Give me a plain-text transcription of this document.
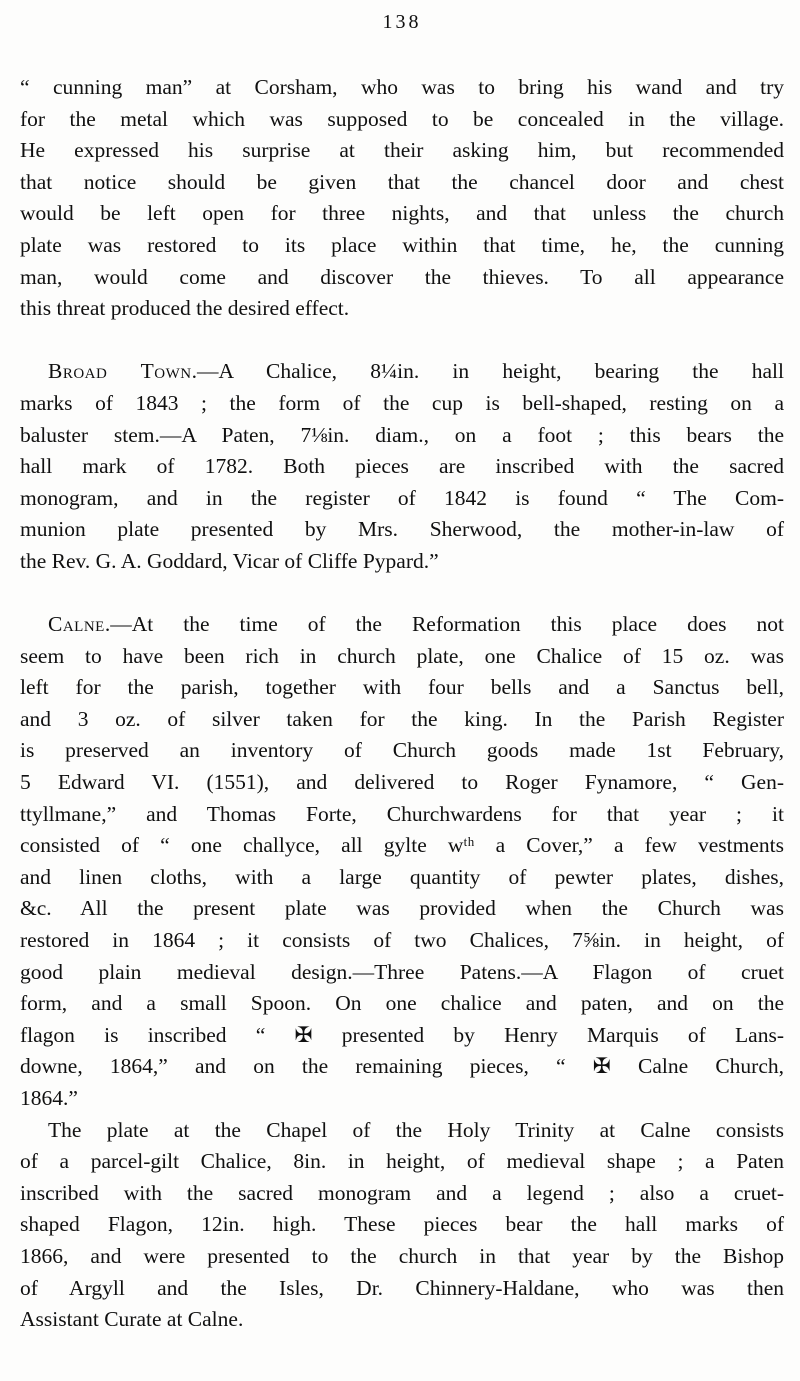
138
“ cunning man” at Corsham, who was to bring his wand and try
for the metal which was supposed to be concealed in the village.
He expressed his surprise at their asking him, but recommended
that notice should be given that the chancel door and chest
would be left open for three nights, and that unless the church
plate was restored to its place within that time, he, the cunning
man, would come and discover the thieves. To all appearance
this threat produced the desired effect.
Broad Town.—A Chalice, 8¼in. in height, bearing the hall
marks of 1843 ; the form of the cup is bell-shaped, resting on a
baluster stem.—A Paten, 7⅛in. diam., on a foot ; this bears the
hall mark of 1782. Both pieces are inscribed with the sacred
monogram, and in the register of 1842 is found “ The Com-
munion plate presented by Mrs. Sherwood, the mother-in-law of
the Rev. G. A. Goddard, Vicar of Cliffe Pypard.”
Calne.—At the time of the Reformation this place does not
seem to have been rich in church plate, one Chalice of 15 oz. was
left for the parish, together with four bells and a Sanctus bell,
and 3 oz. of silver taken for the king. In the Parish Register
is preserved an inventory of Church goods made 1st February,
5 Edward VI. (1551), and delivered to Roger Fynamore, “ Gen-
ttyllmane,” and Thomas Forte, Churchwardens for that year ; it
consisted of “ one challyce, all gylte wᵗʰ a Cover,” a few vestments
and linen cloths, with a large quantity of pewter plates, dishes,
&c. All the present plate was provided when the Church was
restored in 1864 ; it consists of two Chalices, 7⅝in. in height, of
good plain medieval design.—Three Patens.—A Flagon of cruet
form, and a small Spoon. On one chalice and paten, and on the
flagon is inscribed “ ✠ presented by Henry Marquis of Lans-
downe, 1864,” and on the remaining pieces, “ ✠ Calne Church,
1864.”
The plate at the Chapel of the Holy Trinity at Calne consists
of a parcel-gilt Chalice, 8in. in height, of medieval shape ; a Paten
inscribed with the sacred monogram and a legend ; also a cruet-
shaped Flagon, 12in. high. These pieces bear the hall marks of
1866, and were presented to the church in that year by the Bishop
of Argyll and the Isles, Dr. Chinnery-Haldane, who was then
Assistant Curate at Calne.
